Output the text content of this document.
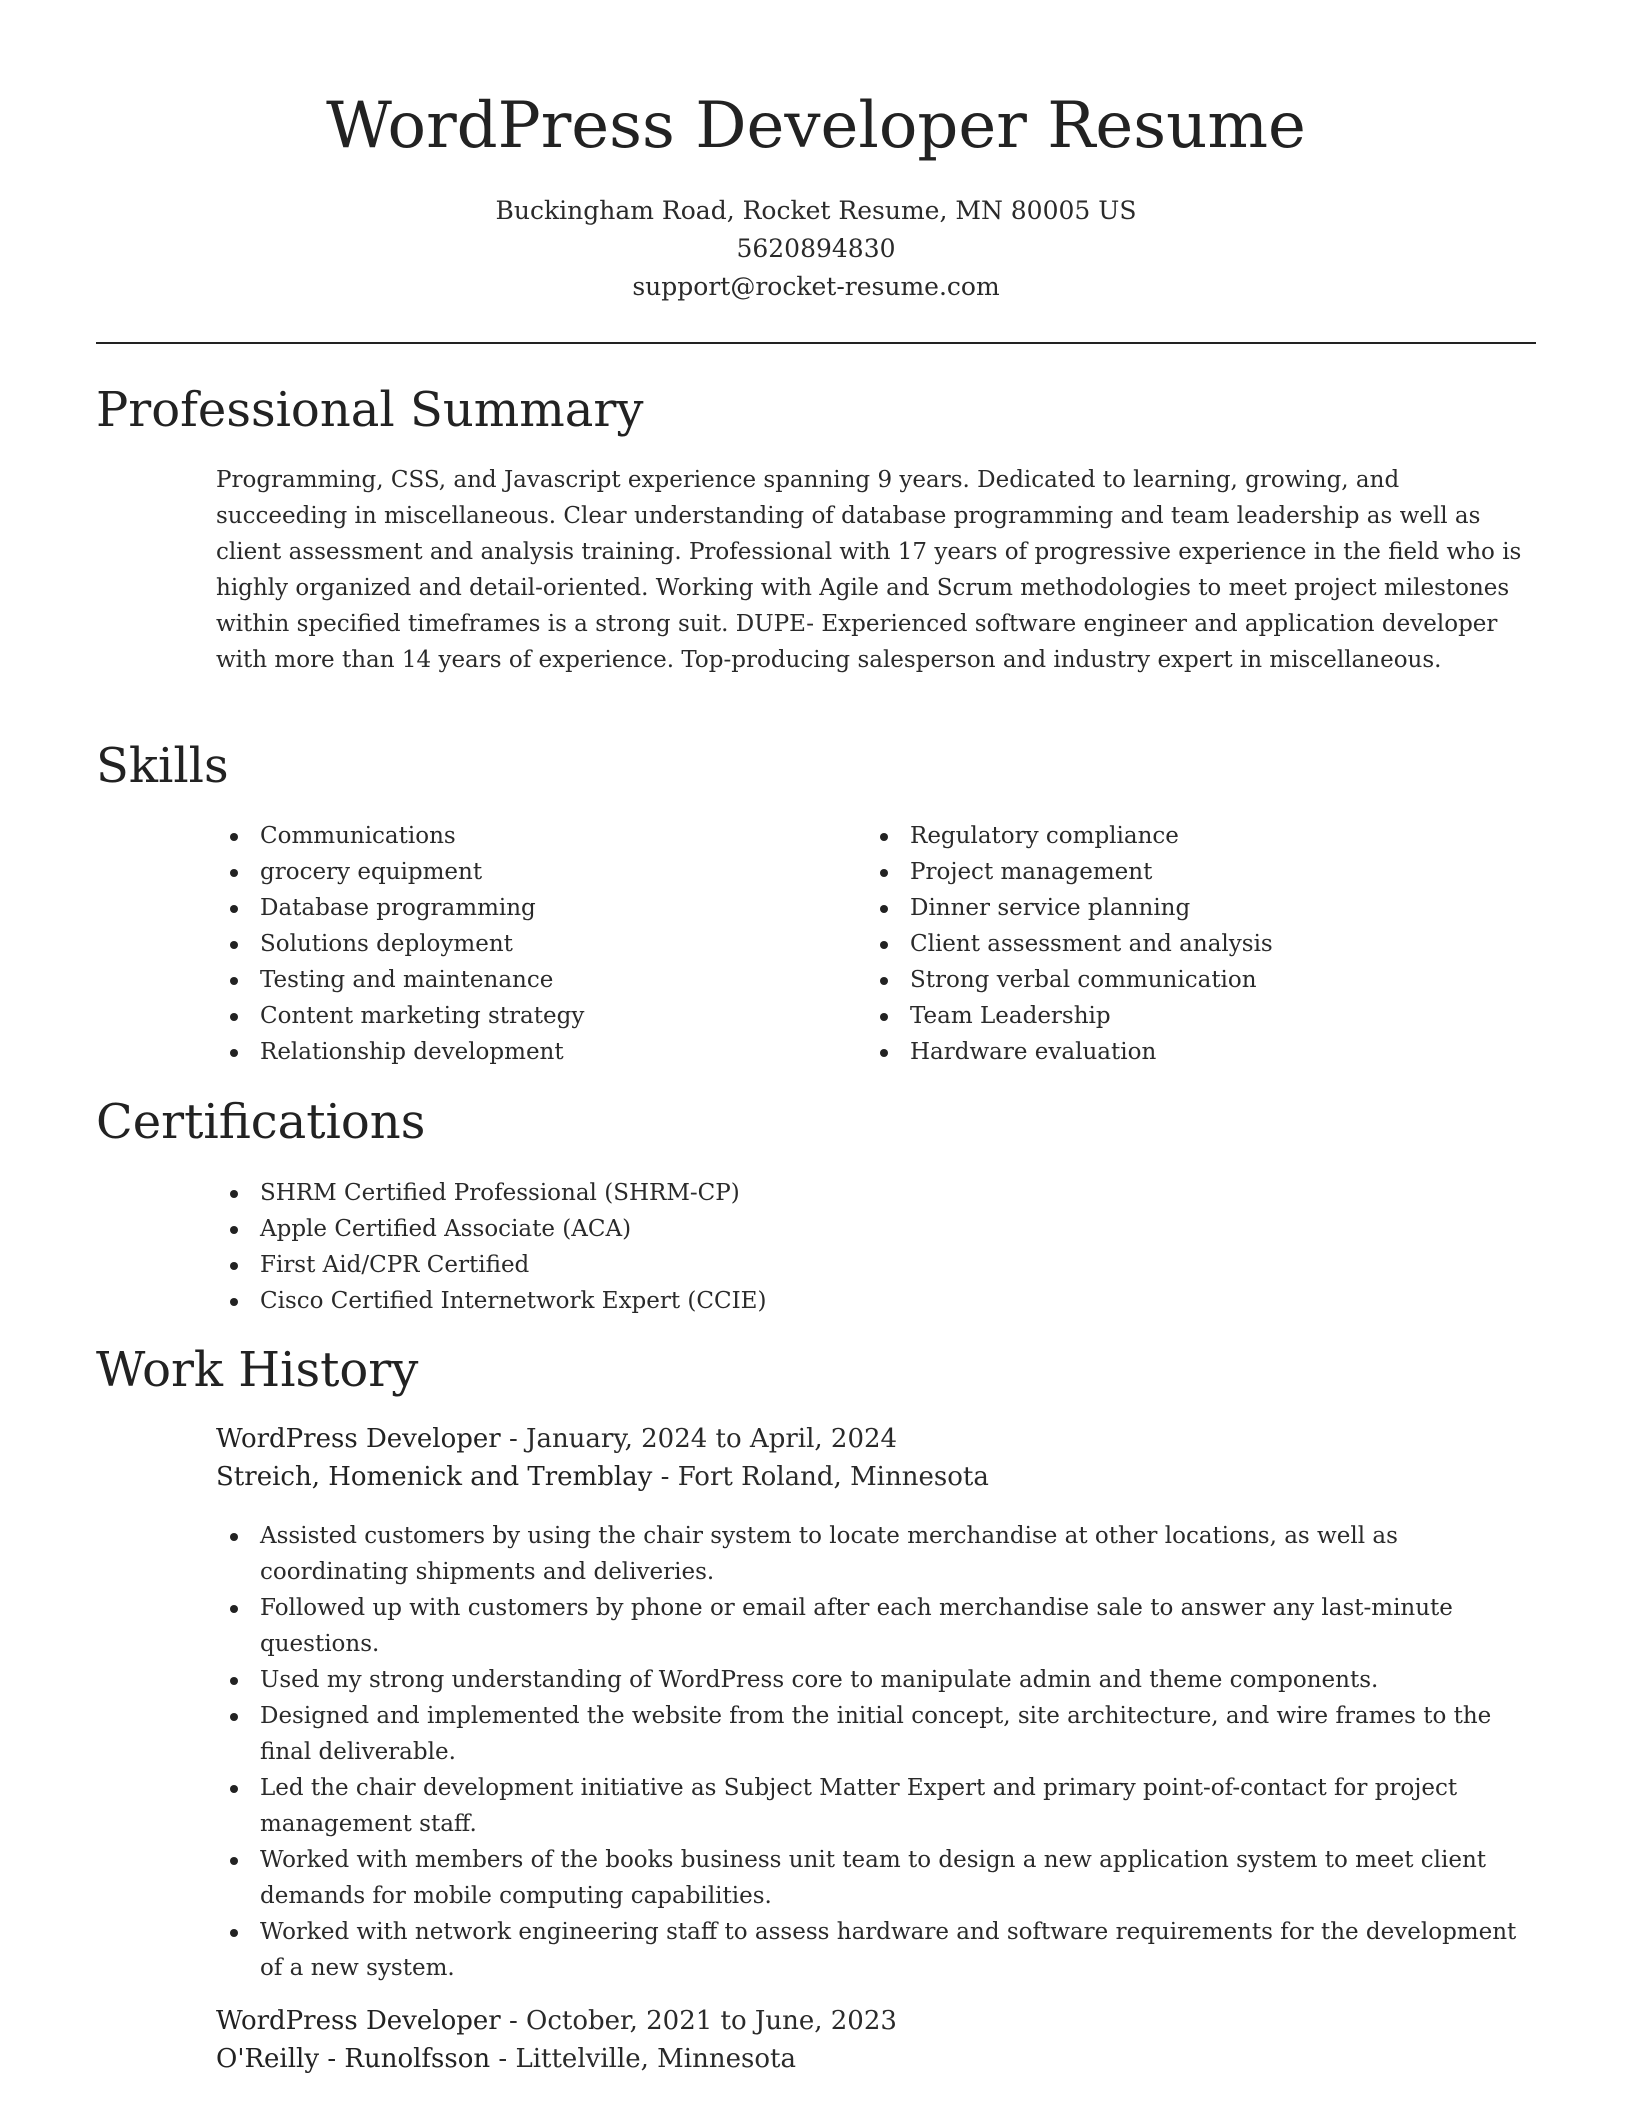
WordPress Developer Resume
Buckingham Road, Rocket Resume, MN 80005 US
5620894830
support@rocket-resume.com
Professional Summary
Programming, CSS, and Javascript experience spanning 9 years. Dedicated to learning, growing, and succeeding in miscellaneous. Clear understanding of database programming and team leadership as well as client assessment and analysis training. Professional with 17 years of progressive experience in the field who is highly organized and detail-oriented. Working with Agile and Scrum methodologies to meet project milestones within specified timeframes is a strong suit. DUPE- Experienced software engineer and application developer with more than 14 years of experience. Top-producing salesperson and industry expert in miscellaneous.
Skills
Communications
grocery equipment
Database programming
Solutions deployment
Testing and maintenance
Content marketing strategy
Relationship development
Regulatory compliance
Project management
Dinner service planning
Client assessment and analysis
Strong verbal communication
Team Leadership
Hardware evaluation
Certifications
SHRM Certified Professional (SHRM-CP)
Apple Certified Associate (ACA)
First Aid/CPR Certified
Cisco Certified Internetwork Expert (CCIE)
Work History
WordPress Developer - January, 2024 to April, 2024
Streich, Homenick and Tremblay - Fort Roland, Minnesota
Assisted customers by using the chair system to locate merchandise at other locations, as well as coordinating shipments and deliveries.
Followed up with customers by phone or email after each merchandise sale to answer any last-minute questions.
Used my strong understanding of WordPress core to manipulate admin and theme components.
Designed and implemented the website from the initial concept, site architecture, and wire frames to the final deliverable.
Led the chair development initiative as Subject Matter Expert and primary point-of-contact for project management staff.
Worked with members of the books business unit team to design a new application system to meet client demands for mobile computing capabilities.
Worked with network engineering staff to assess hardware and software requirements for the development of a new system.
WordPress Developer - October, 2021 to June, 2023
O'Reilly - Runolfsson - Littelville, Minnesota
